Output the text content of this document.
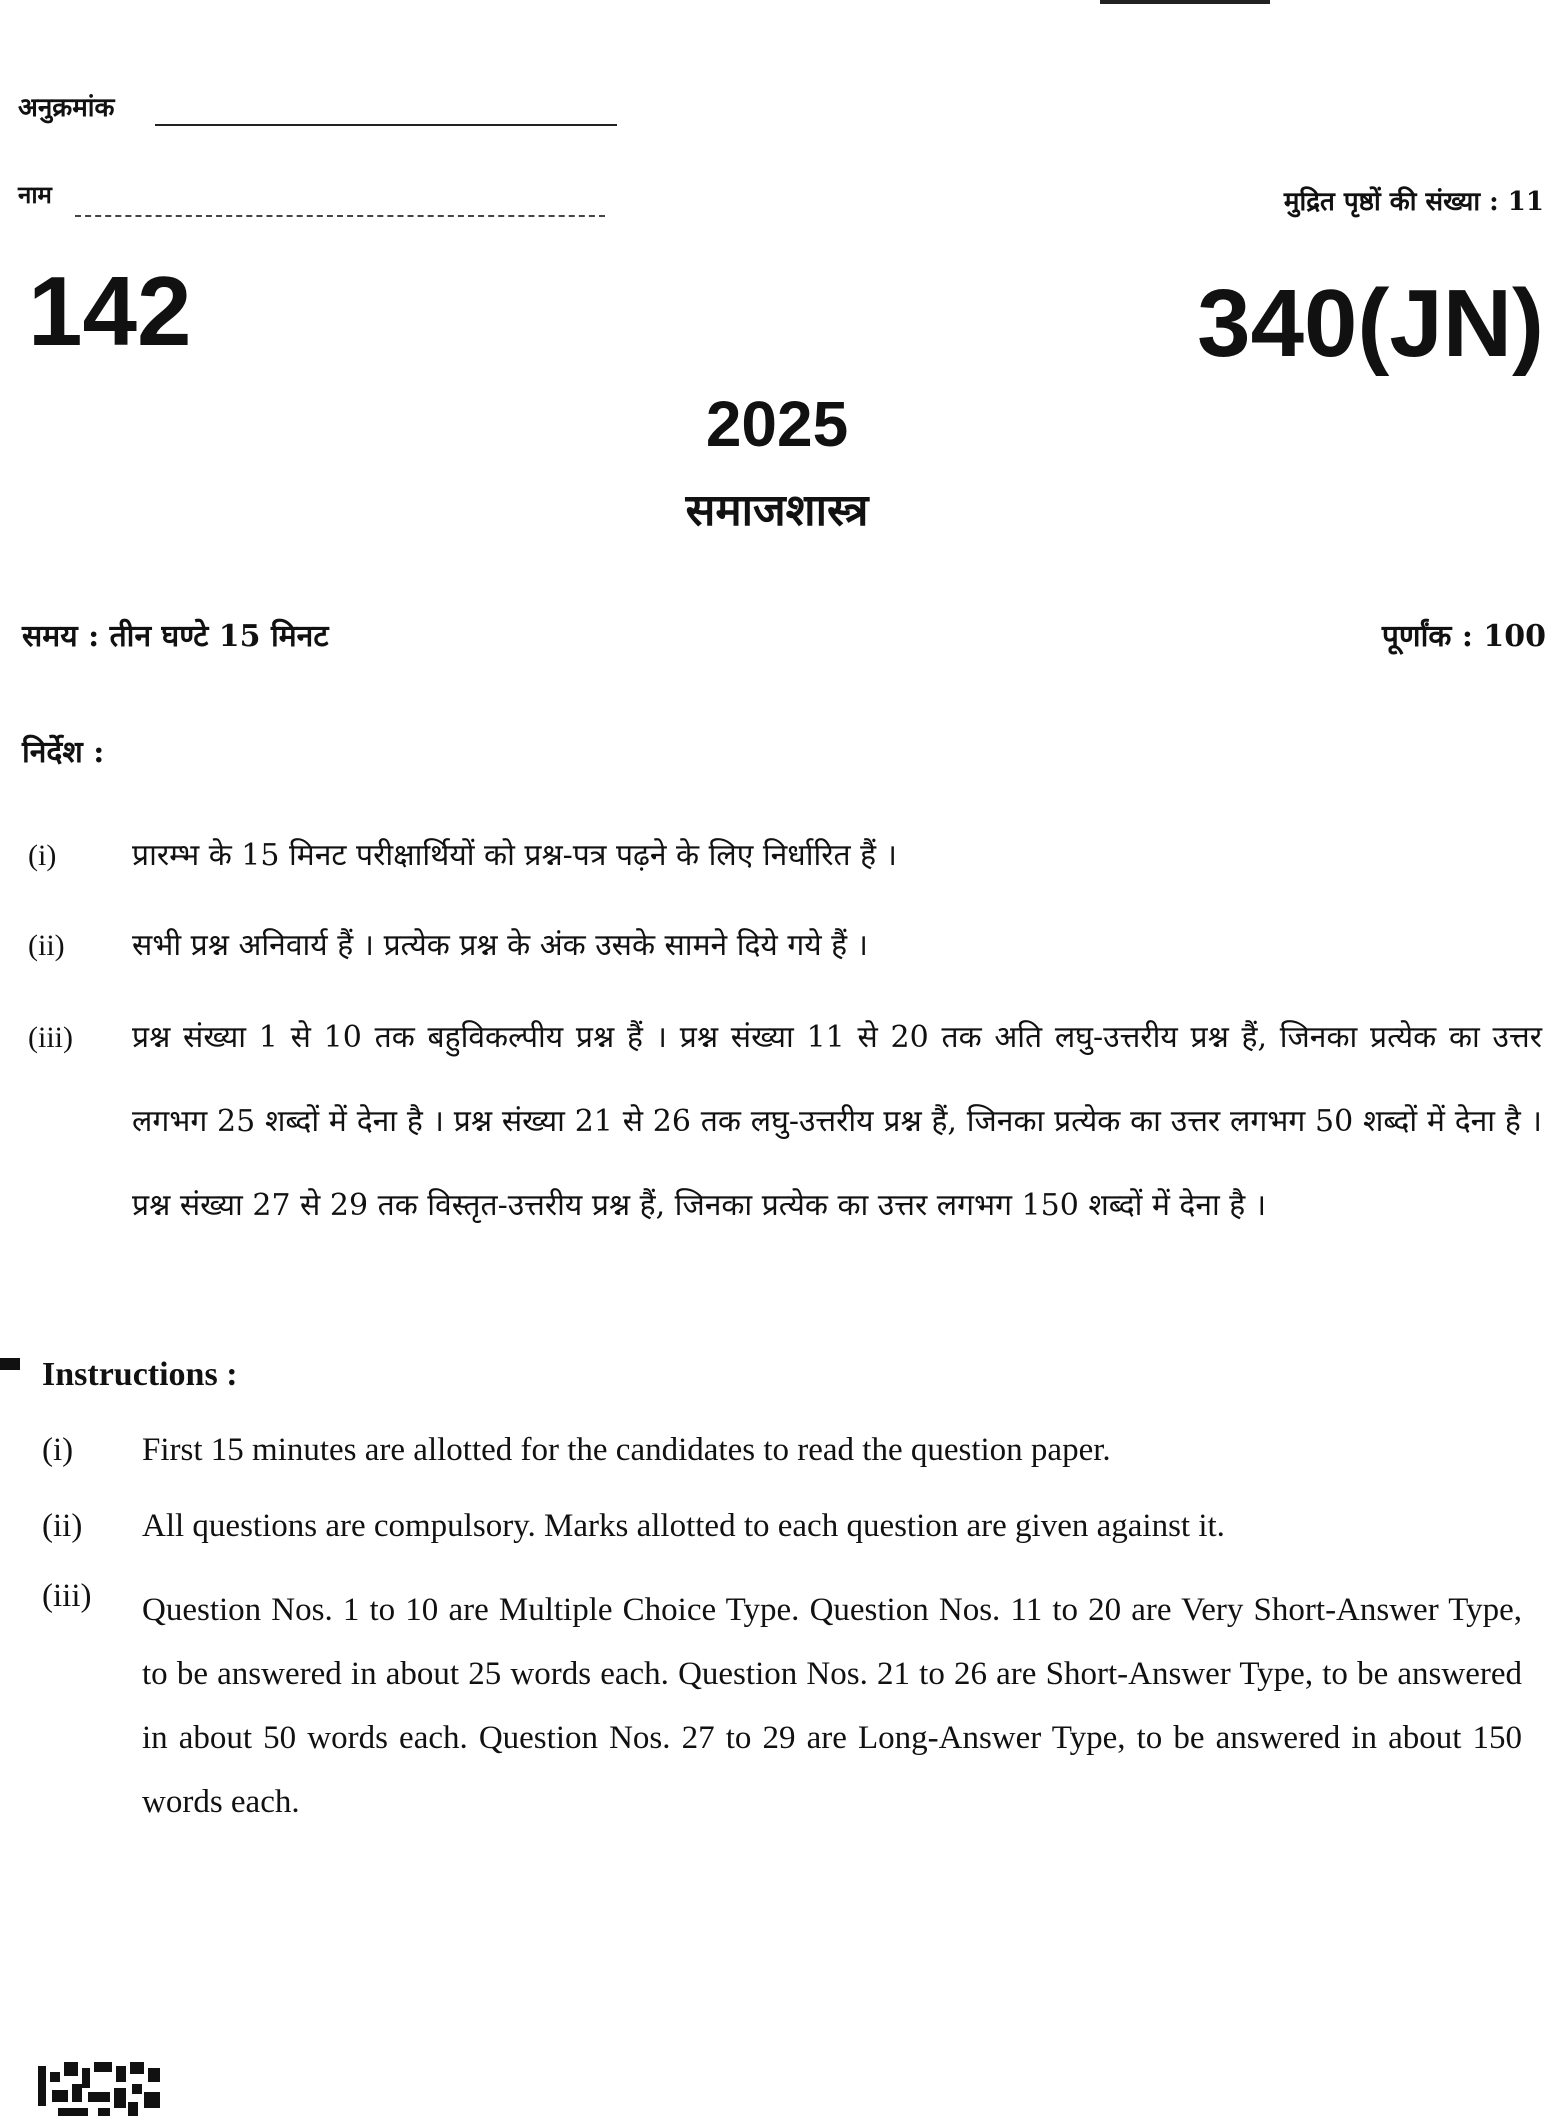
अनुक्रमांक
नाम	मुद्रित पृष्ठों की संख्या : 11
142	340(JN)
2025
समाजशास्त्र
समय : तीन घण्टे 15 मिनट	पूर्णांक : 100
निर्देश :
(i)	प्रारम्भ के 15 मिनट परीक्षार्थियों को प्रश्न-पत्र पढ़ने के लिए निर्धारित हैं ।
(ii) सभी प्रश्न अनिवार्य हैं । प्रत्येक प्रश्न के अंक उसके सामने दिये गये हैं ।
(iii) प्रश्न संख्या 1 से 10 तक बहुविकल्पीय प्रश्न हैं । प्रश्न संख्या 11 से 20 तक अति लघु-उत्तरीय प्रश्न हैं, जिनका प्रत्येक का उत्तर लगभग 25 शब्दों में देना है । प्रश्न संख्या 21 से 26 तक लघु-उत्तरीय प्रश्न हैं, जिनका प्रत्येक का उत्तर लगभग 50 शब्दों में देना है । प्रश्न संख्या 27 से 29 तक विस्तृत-उत्तरीय प्रश्न हैं, जिनका प्रत्येक का उत्तर लगभग 150 शब्दों में देना है ।
Instructions :
(i) First 15 minutes are allotted for the candidates to read the question paper.
(ii) All questions are compulsory. Marks allotted to each question are given against it.
(iii) Question Nos. 1 to 10 are Multiple Choice Type. Question Nos. 11 to 20 are Very Short-Answer Type, to be answered in about 25 words each. Question Nos. 21 to 26 are Short-Answer Type, to be answered in about 50 words each. Question Nos. 27 to 29 are Long-Answer Type, to be answered in about 150 words each.
